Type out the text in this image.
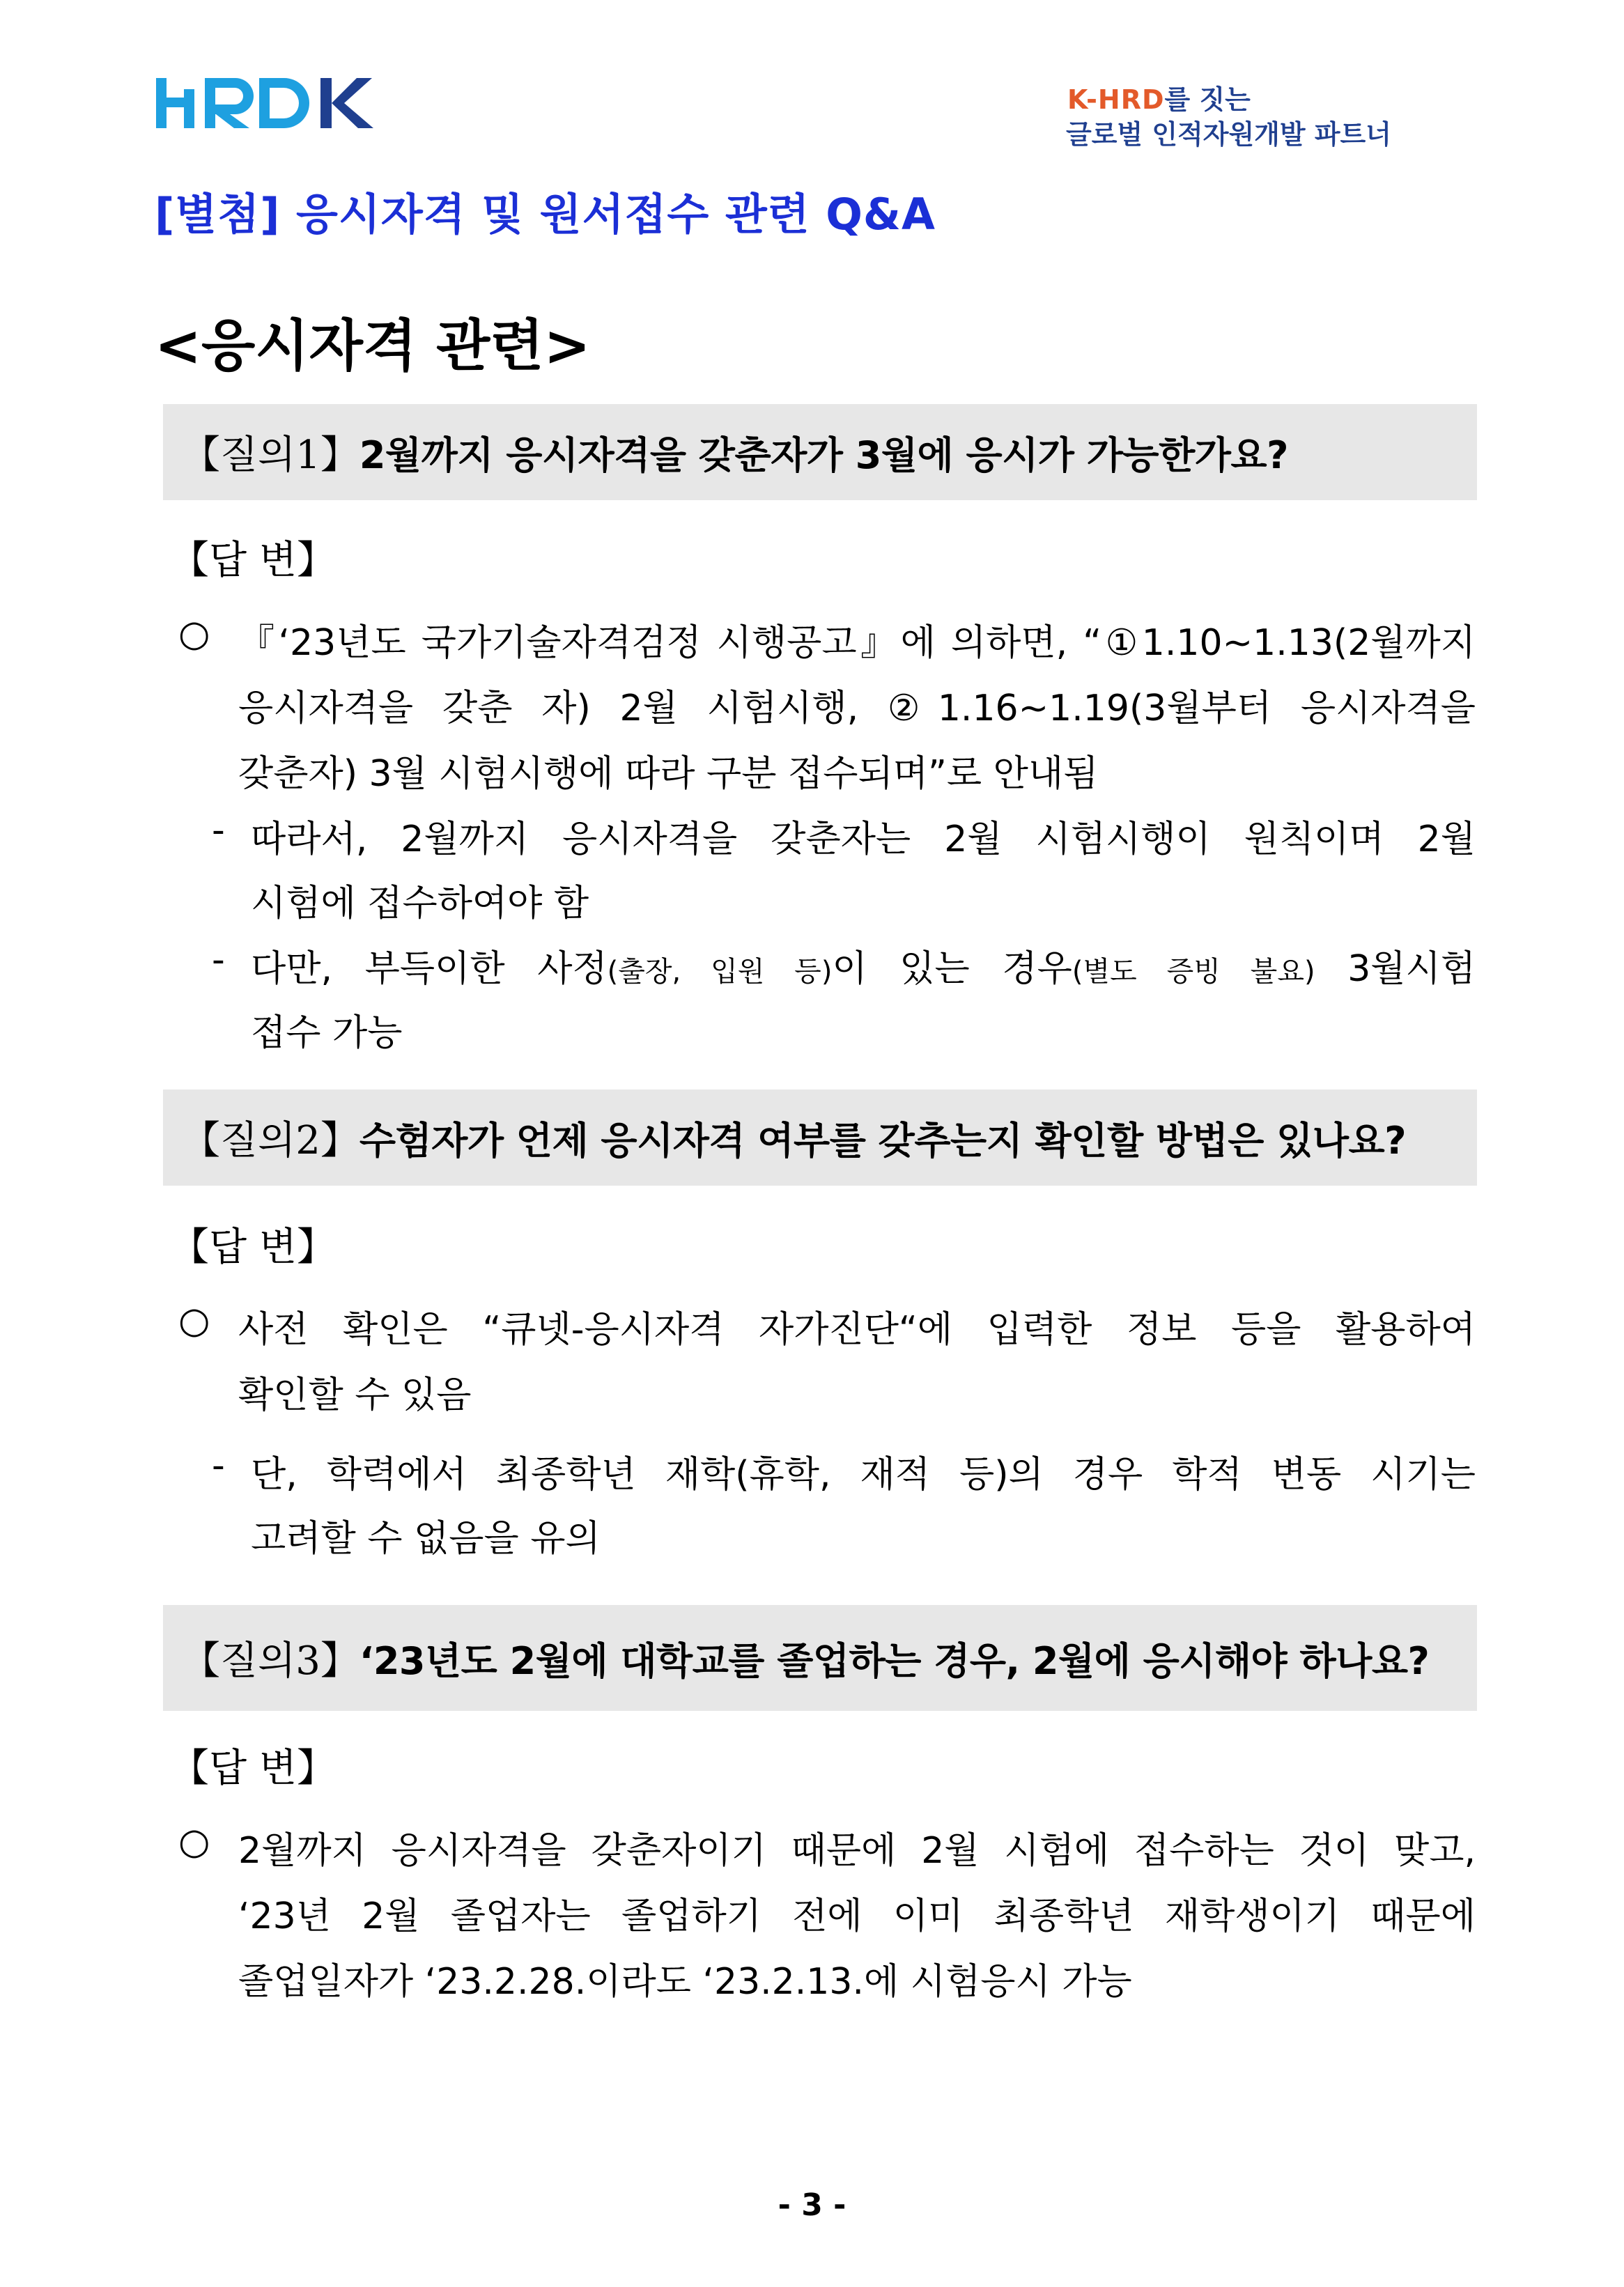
K-HRD를 짓는
글로벌 인적자원개발 파트너
[별첨] 응시자격 및 원서접수 관련 Q&A
<응시자격 관련>
【질의1】 2월까지 응시자격을 갖춘자가 3월에 응시가 가능한가요?
【답 변】
○ 『‘23년도 국가기술자격검정 시행공고』에 의하면, “①1.10~1.13(2월까지
응시자격을 갖춘 자) 2월 시험시행, ②1.16~1.19(3월부터 응시자격을
갖춘자) 3월 시험시행에 따라 구분 접수되며”로 안내됨
- 따라서, 2월까지 응시자격을 갖춘자는 2월 시험시행이 원칙이며 2월
시험에 접수하여야 함
- 다만, 부득이한 사정(출장, 입원 등)이 있는 경우(별도 증빙 불요) 3월시험
접수 가능
【질의2】 수험자가 언제 응시자격 여부를 갖추는지 확인할 방법은 있나요?
【답 변】
○ 사전 확인은 “큐넷-응시자격 자가진단“에 입력한 정보 등을 활용하여
확인할 수 있음
- 단, 학력에서 최종학년 재학(휴학, 재적 등)의 경우 학적 변동 시기는
고려할 수 없음을 유의
【질의3】 ‘23년도 2월에 대학교를 졸업하는 경우, 2월에 응시해야 하나요?
【답 변】
○ 2월까지 응시자격을 갖춘자이기 때문에 2월 시험에 접수하는 것이 맞고,
‘23년 2월 졸업자는 졸업하기 전에 이미 최종학년 재학생이기 때문에
졸업일자가 ‘23.2.28.이라도 ‘23.2.13.에 시험응시 가능
- 3 -
